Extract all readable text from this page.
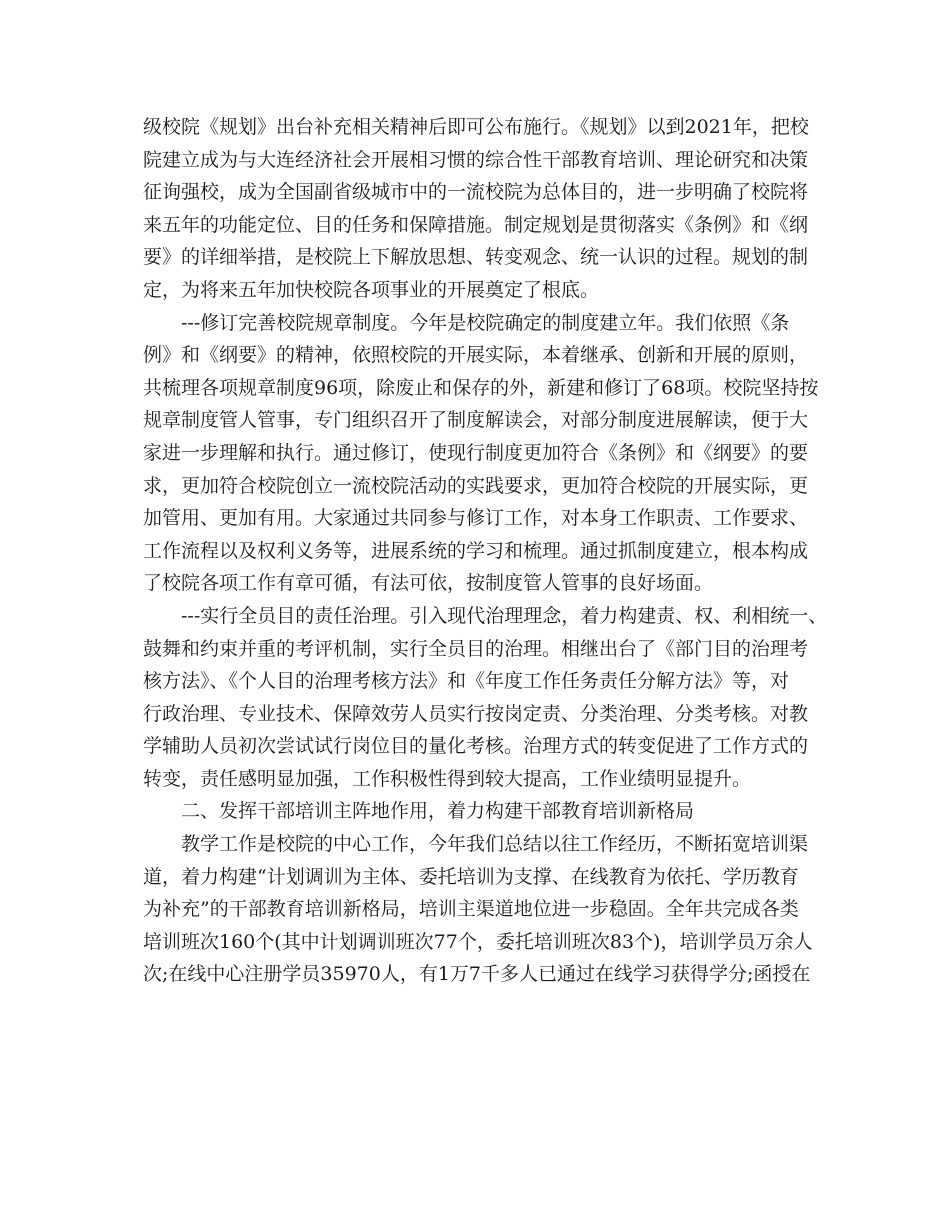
级校院《规划》出台补充相关精神后即可公布施行。《规划》以到2021年，把校
院建立成为与大连经济社会开展相习惯的综合性干部教育培训、理论研究和决策
征询强校，成为全国副省级城市中的一流校院为总体目的，进一步明确了校院将
来五年的功能定位、目的任务和保障措施。制定规划是贯彻落实《条例》和《纲
要》的详细举措，是校院上下解放思想、转变观念、统一认识的过程。规划的制
定，为将来五年加快校院各项事业的开展奠定了根底。
---修订完善校院规章制度。今年是校院确定的制度建立年。我们依照《条
例》和《纲要》的精神，依照校院的开展实际，本着继承、创新和开展的原则，
共梳理各项规章制度96项，除废止和保存的外，新建和修订了68项。校院坚持按
规章制度管人管事，专门组织召开了制度解读会，对部分制度进展解读，便于大
家进一步理解和执行。通过修订，使现行制度更加符合《条例》和《纲要》的要
求，更加符合校院创立一流校院活动的实践要求，更加符合校院的开展实际，更
加管用、更加有用。大家通过共同参与修订工作，对本身工作职责、工作要求、
工作流程以及权利义务等，进展系统的学习和梳理。通过抓制度建立，根本构成
了校院各项工作有章可循，有法可依，按制度管人管事的良好场面。
---实行全员目的责任治理。引入现代治理理念，着力构建责、权、利相统一、
鼓舞和约束并重的考评机制，实行全员目的治理。相继出台了《部门目的治理考
核方法》、《个人目的治理考核方法》和《年度工作任务责任分解方法》等，对
行政治理、专业技术、保障效劳人员实行按岗定责、分类治理、分类考核。对教
学辅助人员初次尝试试行岗位目的量化考核。治理方式的转变促进了工作方式的
转变，责任感明显加强，工作积极性得到较大提高，工作业绩明显提升。
二、发挥干部培训主阵地作用，着力构建干部教育培训新格局
教学工作是校院的中心工作，今年我们总结以往工作经历，不断拓宽培训渠
道，着力构建“计划调训为主体、委托培训为支撑、在线教育为依托、学历教育
为补充”的干部教育培训新格局，培训主渠道地位进一步稳固。全年共完成各类
培训班次160个(其中计划调训班次77个，委托培训班次83个)，培训学员万余人
次;在线中心注册学员35970人，有1万7千多人已通过在线学习获得学分;函授在
